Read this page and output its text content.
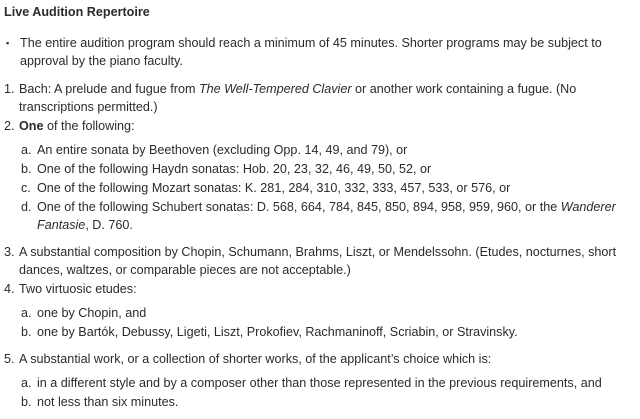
Live Audition Repertoire
▪ The entire audition program should reach a minimum of 45 minutes. Shorter programs may be subject to approval by the piano faculty.
1. Bach: A prelude and fugue from The Well-Tempered Clavier or another work containing a fugue. (No transcriptions permitted.)
2. One of the following:
a. An entire sonata by Beethoven (excluding Opp. 14, 49, and 79), or
b. One of the following Haydn sonatas: Hob. 20, 23, 32, 46, 49, 50, 52, or
c. One of the following Mozart sonatas: K. 281, 284, 310, 332, 333, 457, 533, or 576, or
d. One of the following Schubert sonatas: D. 568, 664, 784, 845, 850, 894, 958, 959, 960, or the Wanderer Fantasie, D. 760.
3. A substantial composition by Chopin, Schumann, Brahms, Liszt, or Mendelssohn. (Etudes, nocturnes, short dances, waltzes, or comparable pieces are not acceptable.)
4. Two virtuosic etudes:
a. one by Chopin, and
b. one by Bartók, Debussy, Ligeti, Liszt, Prokofiev, Rachmaninoff, Scriabin, or Stravinsky.
5. A substantial work, or a collection of shorter works, of the applicant’s choice which is:
a. in a different style and by a composer other than those represented in the previous requirements, and
b. not less than six minutes.
